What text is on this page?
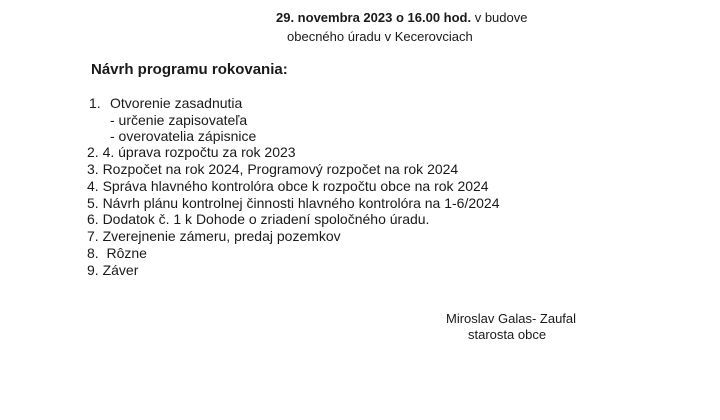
29. novembra 2023 o 16.00 hod. v budove
obecného úradu v Kecerovciach
Návrh programu rokovania:
1. Otvorenie zasadnutia
- určenie zapisovateľa
- overovatelia zápisnice
2. 4. úprava rozpočtu za rok 2023
3. Rozpočet na rok 2024, Programový rozpočet na rok 2024
4. Správa hlavného kontrolóra obce k rozpočtu obce na rok 2024
5. Návrh plánu kontrolnej činnosti hlavného kontrolóra na 1-6/2024
6. Dodatok č. 1 k Dohode o zriadení spoločného úradu.
7. Zverejnenie zámeru, predaj pozemkov
8.  Rôzne
9. Záver
Miroslav Galas- Zaufal
starosta obce
